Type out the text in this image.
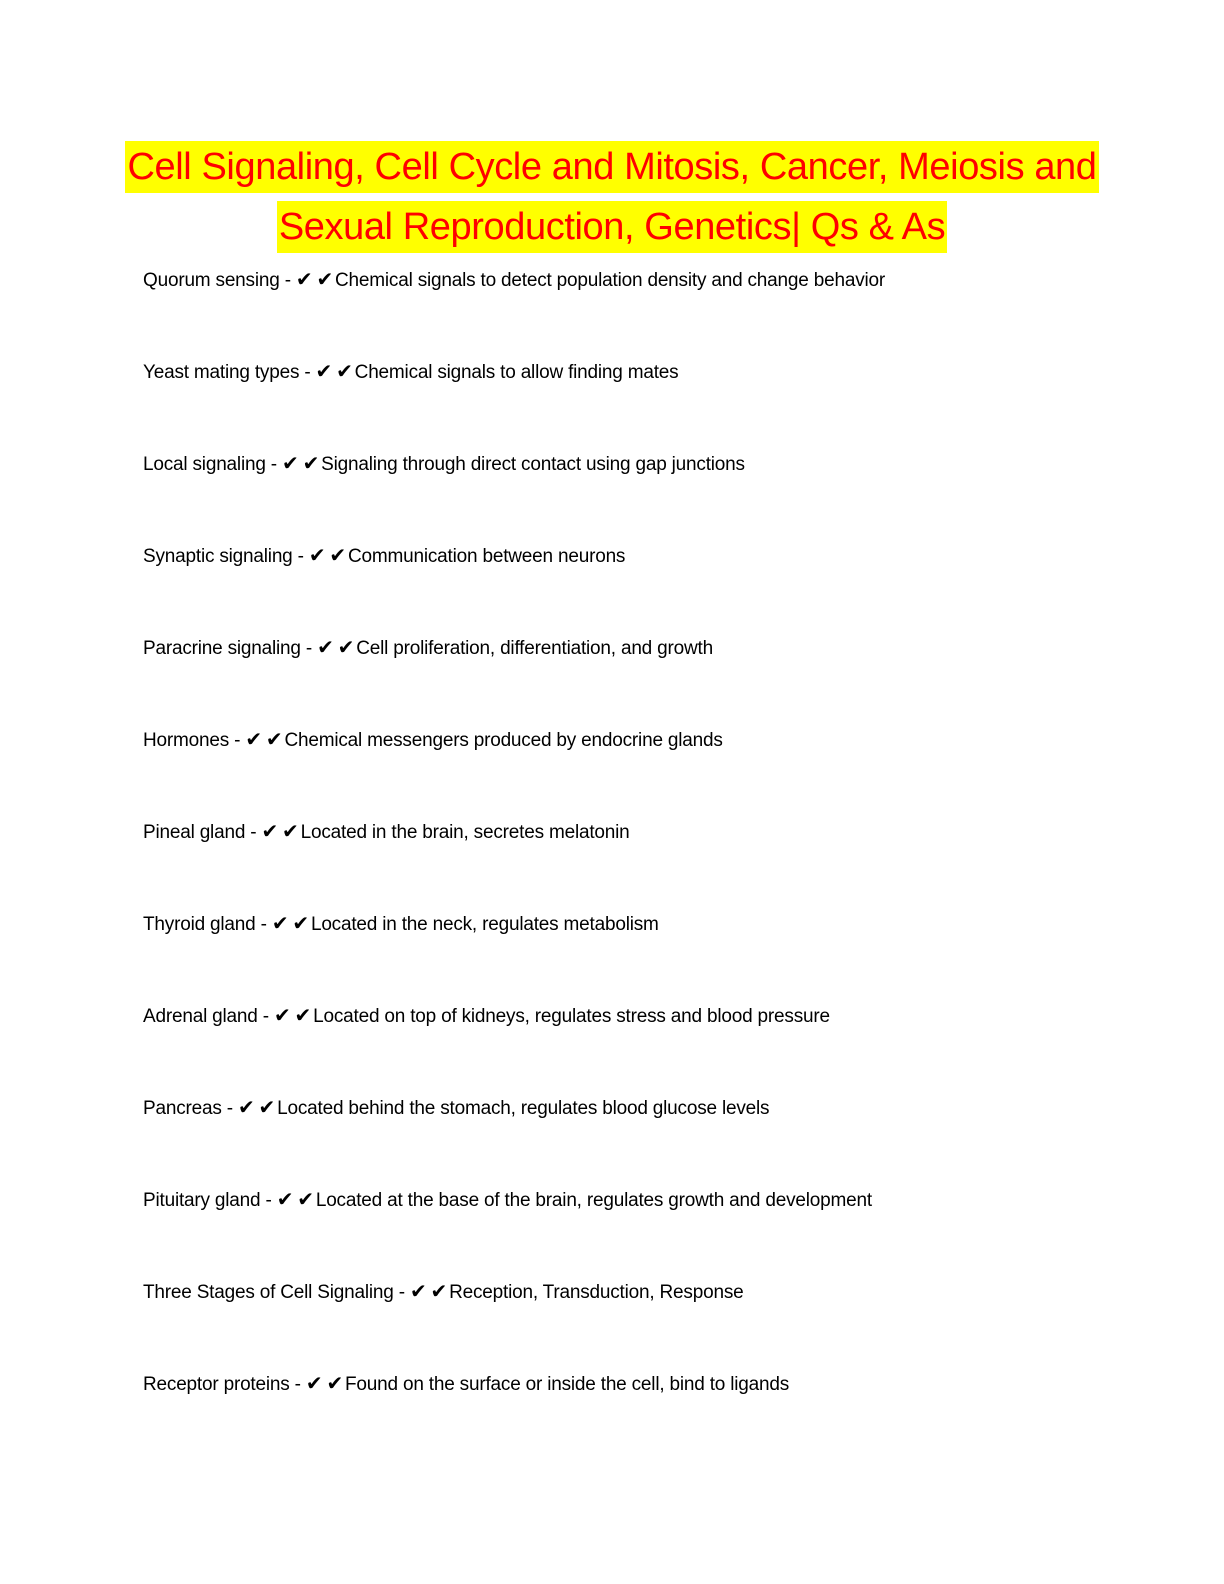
Cell Signaling, Cell Cycle and Mitosis, Cancer, Meiosis and
Sexual Reproduction, Genetics| Qs & As
Quorum sensing - ✔ ✔ Chemical signals to detect population density and change behavior
Yeast mating types - ✔ ✔ Chemical signals to allow finding mates
Local signaling - ✔ ✔ Signaling through direct contact using gap junctions
Synaptic signaling - ✔ ✔ Communication between neurons
Paracrine signaling - ✔ ✔ Cell proliferation, differentiation, and growth
Hormones - ✔ ✔ Chemical messengers produced by endocrine glands
Pineal gland - ✔ ✔ Located in the brain, secretes melatonin
Thyroid gland - ✔ ✔ Located in the neck, regulates metabolism
Adrenal gland - ✔ ✔ Located on top of kidneys, regulates stress and blood pressure
Pancreas - ✔ ✔ Located behind the stomach, regulates blood glucose levels
Pituitary gland - ✔ ✔ Located at the base of the brain, regulates growth and development
Three Stages of Cell Signaling - ✔ ✔ Reception, Transduction, Response
Receptor proteins - ✔ ✔ Found on the surface or inside the cell, bind to ligands
